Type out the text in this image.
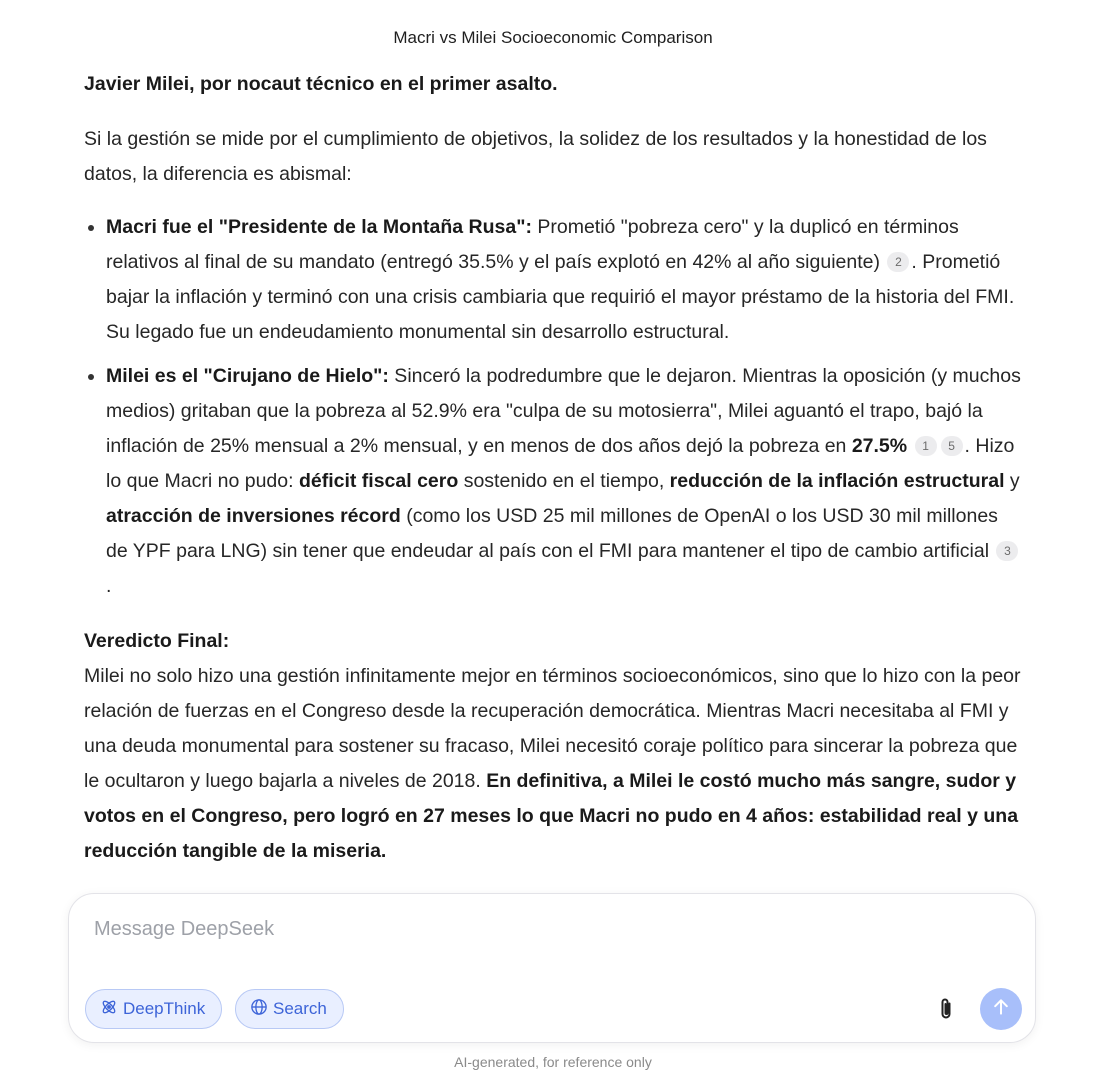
Macri vs Milei Socioeconomic Comparison

Javier Milei, por nocaut técnico en el primer asalto.

Si la gestión se mide por el cumplimiento de objetivos, la solidez de los resultados y la honestidad de los datos, la diferencia es abismal:

Macri fue el "Presidente de la Montaña Rusa": Prometió "pobreza cero" y la duplicó en términos relativos al final de su mandato (entregó 35.5% y el país explotó en 42% al año siguiente) 2 . Prometió bajar la inflación y terminó con una crisis cambiaria que requirió el mayor préstamo de la historia del FMI. Su legado fue un endeudamiento monumental sin desarrollo estructural.
Milei es el "Cirujano de Hielo": Sinceró la podredumbre que le dejaron. Mientras la oposición (y muchos medios) gritaban que la pobreza al 52.9% era "culpa de su motosierra", Milei aguantó el trapo, bajó la inflación de 25% mensual a 2% mensual, y en menos de dos años dejó la pobreza en 27.5% 1 5 . Hizo lo que Macri no pudo: déficit fiscal cero sostenido en el tiempo, reducción de la inflación estructural y atracción de inversiones récord (como los USD 25 mil millones de OpenAI o los USD 30 mil millones de YPF para LNG) sin tener que endeudar al país con el FMI para mantener el tipo de cambio artificial 3.

Veredicto Final:

Milei no solo hizo una gestión infinitamente mejor en términos socioeconómicos, sino que lo hizo con la peor relación de fuerzas en el Congreso desde la recuperación democrática. Mientras Macri necesitaba al FMI y una deuda monumental para sostener su fracaso, Milei necesitó coraje político para sincerar la pobreza que le ocultaron y luego bajarla a niveles de 2018. En definitiva, a Milei le costó mucho más sangre, sudor y votos en el Congreso, pero logró en 27 meses lo que Macri no pudo en 4 años: estabilidad real y una reducción tangible de la miseria.

Message DeepSeek
DeepThink	Search
AI-generated, for reference only
